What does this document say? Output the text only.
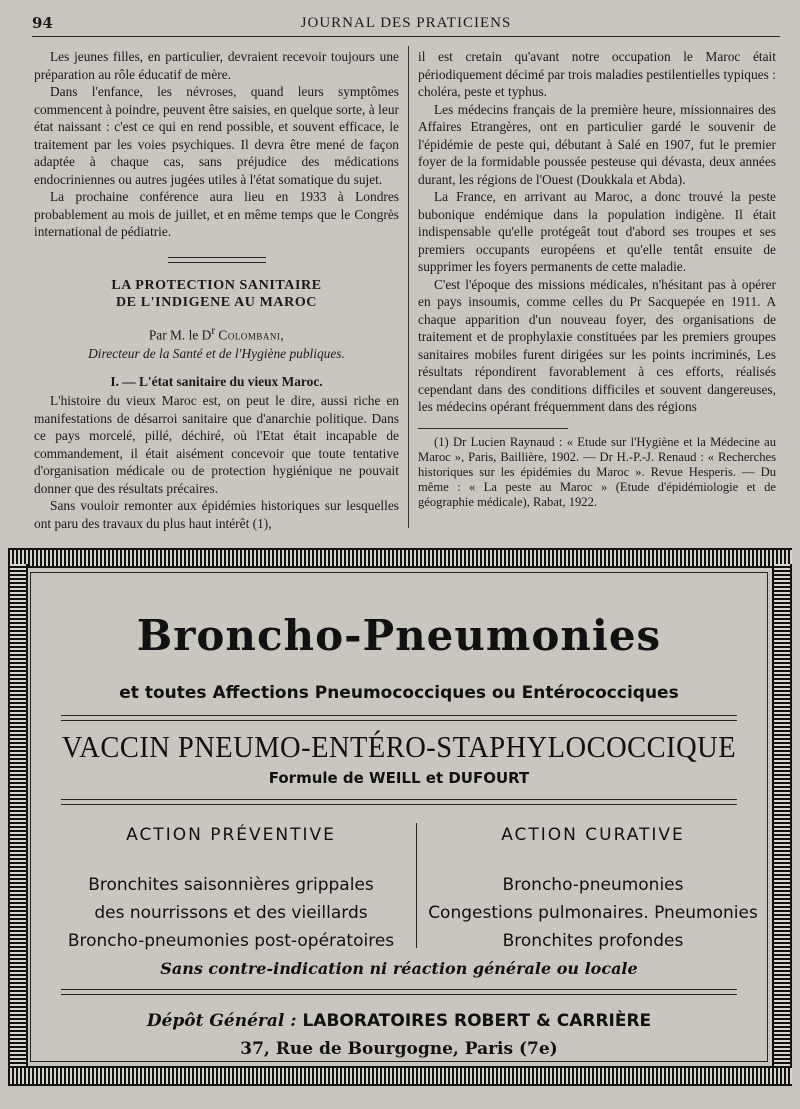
94	JOURNAL DES PRATICIENS

Les jeunes filles, en particulier, devraient recevoir toujours une préparation au rôle éducatif de mère.

Dans l'enfance, les névroses, quand leurs symptômes commencent à poindre, peuvent être saisies, en quelque sorte, à leur état naissant : c'est ce qui en rend possible, et souvent efficace, le traitement par les voies psychiques. Il devra être mené de façon adaptée à chaque cas, sans préjudice des médications endocriniennes ou autres jugées utiles à l'état somatique du sujet.

La prochaine conférence aura lieu en 1933 à Londres probablement au mois de juillet, et en même temps que le Congrès international de pédiatrie.

LA PROTECTION SANITAIRE
DE L'INDIGENE AU MAROC
Par M. le $D^r$ Colombani,
Directeur de la Santé et de l'Hygiène publiques.
I. — L'état sanitaire du vieux Maroc.

L'histoire du vieux Maroc est, on peut le dire, aussi riche en manifestations de désarroi sanitaire que d'anarchie politique. Dans ce pays morcelé, pillé, déchiré, où l'Etat était incapable de commandement, il était aisément concevoir que toute tentative d'organisation médicale ou de protection hygiénique ne pouvait donner que des résultats précaires.

Sans vouloir remonter aux épidémies historiques sur lesquelles ont paru des travaux du plus haut intérêt (1),

il est cretain qu'avant notre occupation le Maroc était périodiquement décimé par trois maladies pestilentielles typiques : choléra, peste et typhus.

Les médecins français de la première heure, missionnaires des Affaires Etrangères, ont en particulier gardé le souvenir de l'épidémie de peste qui, débutant à Salé en 1907, fut le premier foyer de la formidable poussée pesteuse qui dévasta, deux années durant, les régions de l'Ouest (Doukkala et Abda).

La France, en arrivant au Maroc, a donc trouvé la peste bubonique endémique dans la population indigène. Il était indispensable qu'elle protégeât tout d'abord ses troupes et ses premiers occupants européens et qu'elle tentât ensuite de supprimer les foyers permanents de cette maladie.

C'est l'époque des missions médicales, n'hésitant pas à opérer en pays insoumis, comme celles du Pr Sacquepée en 1911. A chaque apparition d'un nouveau foyer, des organisations de traitement et de prophylaxie constituées par les premiers groupes sanitaires mobiles furent dirigées sur les points incriminés, Les résultats répondirent favorablement à ces efforts, réalisés cependant dans des conditions difficiles et souvent dangereuses, les médecins opérant fréquemment dans des régions

(1) Dr Lucien Raynaud : « Etude sur l'Hygiène et la Médecine au Maroc », Paris, Baillière, 1902. — Dr H.-P.-J. Renaud : « Recherches historiques sur les épidémies du Maroc ». Revue Hesperis. — Du même : « La peste au Maroc » (Etude d'épidémiologie et de géographie médicale), Rabat, 1922.

Broncho-Pneumonies
et toutes Affections Pneumococciques ou Entérococciques
VACCIN PNEUMO-ENTÉRO-STAPHYLOCOCCIQUE
Formule de WEILL et DUFOURT
ACTION PRÉVENTIVE
Bronchites saisonnières grippales
des nourrissons et des vieillards
Broncho-pneumonies post-opératoires
ACTION CURATIVE
Broncho-pneumonies
Congestions pulmonaires. Pneumonies
Bronchites profondes
Sans contre-indication ni réaction générale ou locale
Dépôt Général : LABORATOIRES ROBERT & CARRIÈRE
37, Rue de Bourgogne, Paris (7e)
